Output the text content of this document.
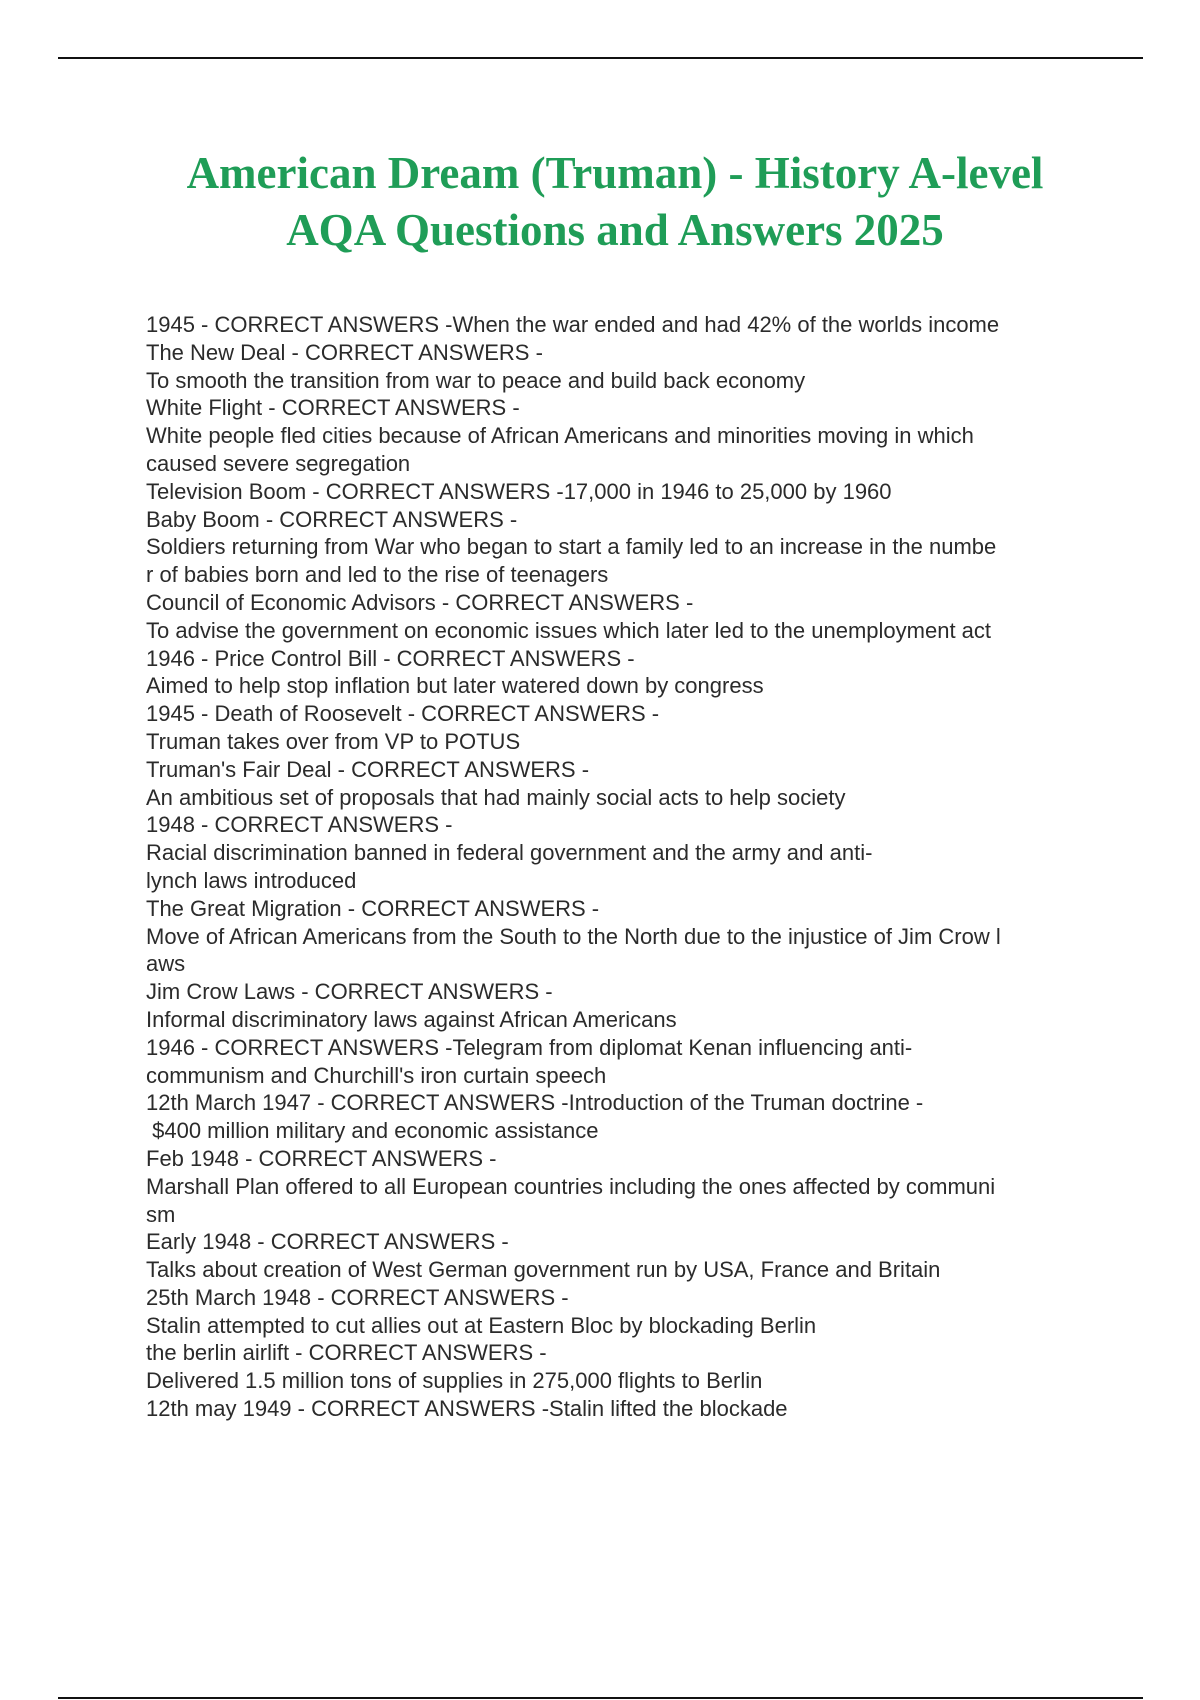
American Dream (Truman) - History A-level
AQA Questions and Answers 2025
1945 - CORRECT ANSWERS -When the war ended and had 42% of the worlds income
The New Deal - CORRECT ANSWERS -
To smooth the transition from war to peace and build back economy
White Flight - CORRECT ANSWERS -
White people fled cities because of African Americans and minorities moving in which
caused severe segregation
Television Boom - CORRECT ANSWERS -17,000 in 1946 to 25,000 by 1960
Baby Boom - CORRECT ANSWERS -
Soldiers returning from War who began to start a family led to an increase in the numbe
r of babies born and led to the rise of teenagers
Council of Economic Advisors - CORRECT ANSWERS -
To advise the government on economic issues which later led to the unemployment act
1946 - Price Control Bill - CORRECT ANSWERS -
Aimed to help stop inflation but later watered down by congress
1945 - Death of Roosevelt - CORRECT ANSWERS -
Truman takes over from VP to POTUS
Truman's Fair Deal - CORRECT ANSWERS -
An ambitious set of proposals that had mainly social acts to help society
1948 - CORRECT ANSWERS -
Racial discrimination banned in federal government and the army and anti-
lynch laws introduced
The Great Migration - CORRECT ANSWERS -
Move of African Americans from the South to the North due to the injustice of Jim Crow l
aws
Jim Crow Laws - CORRECT ANSWERS -
Informal discriminatory laws against African Americans
1946 - CORRECT ANSWERS -Telegram from diplomat Kenan influencing anti-
communism and Churchill's iron curtain speech
12th March 1947 - CORRECT ANSWERS -Introduction of the Truman doctrine -
$400 million military and economic assistance
Feb 1948 - CORRECT ANSWERS -
Marshall Plan offered to all European countries including the ones affected by communi
sm
Early 1948 - CORRECT ANSWERS -
Talks about creation of West German government run by USA, France and Britain
25th March 1948 - CORRECT ANSWERS -
Stalin attempted to cut allies out at Eastern Bloc by blockading Berlin
the berlin airlift - CORRECT ANSWERS -
Delivered 1.5 million tons of supplies in 275,000 flights to Berlin
12th may 1949 - CORRECT ANSWERS -Stalin lifted the blockade
